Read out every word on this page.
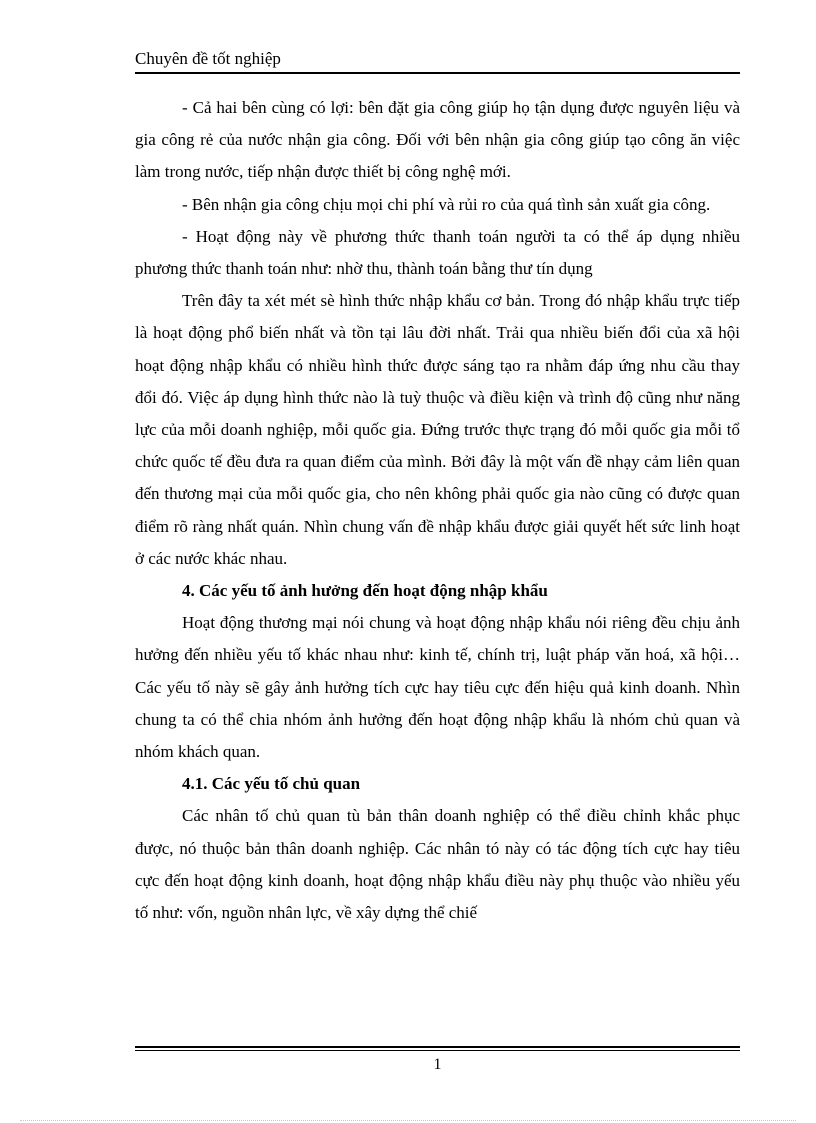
Chuyên đề tốt nghiệp

- Cả hai bên cùng có lợi: bên đặt gia công giúp họ tận dụng được nguyên liệu và gia công rẻ của nước nhận gia công. Đối với bên nhận gia công giúp tạo công ăn việc làm trong nước, tiếp nhận được thiết bị công nghệ mới.

- Bên nhận gia công chịu mọi chi phí và rủi ro của quá tình sản xuất gia công.

- Hoạt động này về phương thức thanh toán người ta có thể áp dụng nhiều phương thức thanh toán như: nhờ thu, thành toán bằng thư tín dụng

Trên đây ta xét mét sè hình thức nhập khẩu cơ bản. Trong đó nhập khẩu trực tiếp là hoạt động phổ biến nhất và tồn tại lâu đời nhất. Trải qua nhiều biến đổi của xã hội hoạt động nhập khẩu có nhiều hình thức được sáng tạo ra nhằm đáp ứng nhu cầu thay đổi đó. Việc áp dụng hình thức nào là tuỳ thuộc và điều kiện và trình độ cũng như năng lực của mỗi doanh nghiệp, mỗi quốc gia. Đứng trước thực trạng đó mỗi quốc gia mỗi tổ chức quốc tế đều đưa ra quan điểm của mình. Bởi đây là một vấn đề nhạy cảm liên quan đến thương mại của mỗi quốc gia, cho nên không phải quốc gia nào cũng có được quan điểm rõ ràng nhất quán. Nhìn chung vấn đề nhập khẩu được giải quyết hết sức linh hoạt ở các nước khác nhau.

4. Các yếu tố ảnh hưởng đến hoạt động nhập khẩu

Hoạt động thương mại nói chung và hoạt động nhập khẩu nói riêng đều chịu ảnh hưởng đến nhiều yếu tố khác nhau như: kinh tế, chính trị, luật pháp văn hoá, xã hội… Các yếu tố này sẽ gây ảnh hưởng tích cực hay tiêu cực đến hiệu quả kinh doanh. Nhìn chung ta có thể chia nhóm ảnh hưởng đến hoạt động nhập khẩu là nhóm chủ quan và nhóm khách quan.

4.1. Các yếu tố chủ quan

Các nhân tố chủ quan tù bản thân doanh nghiệp có thể điều chỉnh khắc phục được, nó thuộc bản thân doanh nghiệp. Các nhân tó này có tác động tích cực hay tiêu cực đến hoạt động kinh doanh, hoạt động nhập khẩu điều này phụ thuộc vào nhiều yếu tố như: vốn, nguồn nhân lực, về xây dựng thể chiế

1
